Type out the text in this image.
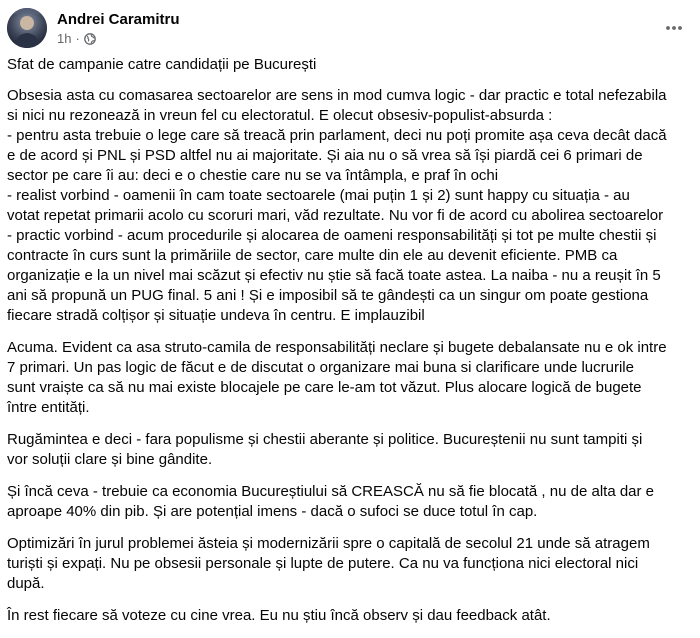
Andrei Caramitru
1h ·

Sfat de campanie catre candidații pe București

Obsesia asta cu comasarea sectoarelor are sens in mod cumva logic - dar practic e total nefezabila
si nici nu rezonează in vreun fel cu electoratul. E olecut obsesiv-populist-absurda :
- pentru asta trebuie o lege care să treacă prin parlament, deci nu poți promite așa ceva decât dacă
e de acord și PNL și PSD altfel nu ai majoritate. Și aia nu o să vrea să își piardă cei 6 primari de
sector pe care îi au: deci e o chestie care nu se va întâmpla, e praf în ochi
- realist vorbind - oamenii în cam toate sectoarele (mai puțin 1 și 2) sunt happy cu situația - au
votat repetat primarii acolo cu scoruri mari, văd rezultate. Nu vor fi de acord cu abolirea sectoarelor
- practic vorbind - acum procedurile și alocarea de oameni responsabilități și tot pe multe chestii și
contracte în curs sunt la primăriile de sector, care multe din ele au devenit eficiente. PMB ca
organizație e la un nivel mai scăzut și efectiv nu știe să facă toate astea. La naiba - nu a reușit în 5
ani să propună un PUG final. 5 ani ! Și e imposibil să te gândești ca un singur om poate gestiona
fiecare stradă colțișor și situație undeva în centru. E implauzibil

Acuma. Evident ca asa struto-camila de responsabilități neclare și bugete debalansate nu e ok intre
7 primari. Un pas logic de făcut e de discutat o organizare mai buna si clarificare unde lucrurile
sunt vraiște ca să nu mai existe blocajele pe care le-am tot văzut. Plus alocare logică de bugete
între entități.

Rugămintea e deci - fara populisme și chestii aberante și politice. Bucureștenii nu sunt tampiti și
vor soluții clare și bine gândite.

Și încă ceva - trebuie ca economia Bucureștiului să CREASCĂ nu să fie blocată , nu de alta dar e
aproape 40% din pib. Și are potențial imens - dacă o sufoci se duce totul în cap.

Optimizări în jurul problemei ăsteia și modernizării spre o capitală de secolul 21 unde să atragem
turiști și expați. Nu pe obsesii personale și lupte de putere. Ca nu va funcționa nici electoral nici
după.

În rest fiecare să voteze cu cine vrea. Eu nu știu încă observ și dau feedback atât.
